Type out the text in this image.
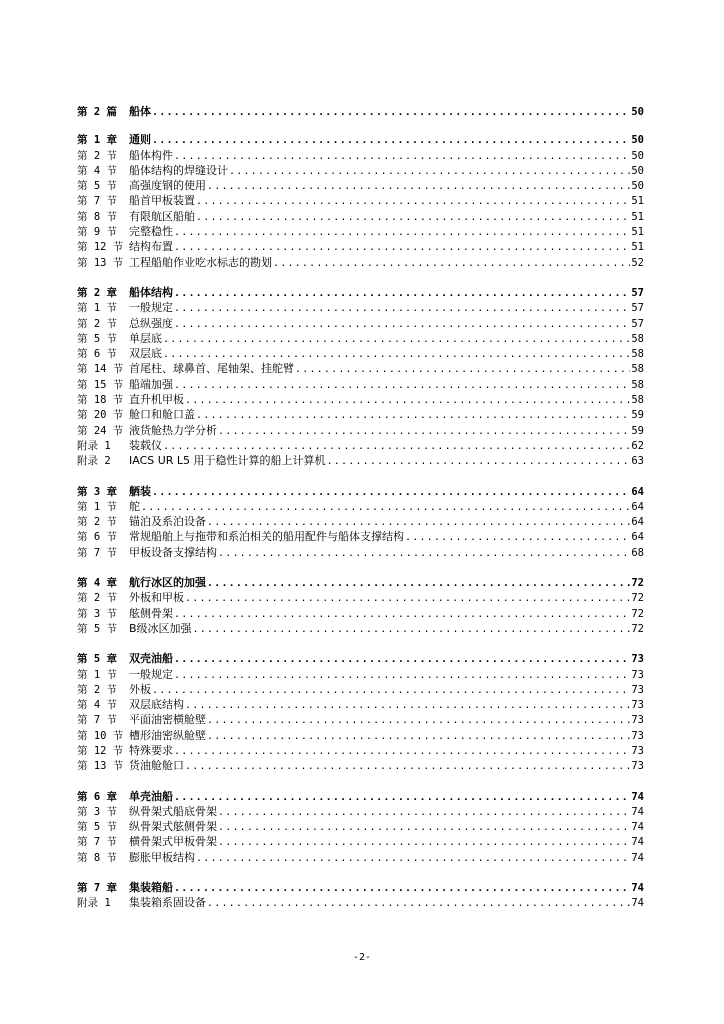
第 2 篇	船体 .....	50
第 1 章	通则 .....	50
第 2 节	船体构件 .....	50
第 4 节	船体结构的焊缝设计 .....	50
第 5 节	高强度钢的使用 .....	50
第 7 节	船首甲板装置 .....	51
第 8 节	有限航区船舶 .....	51
第 9 节	完整稳性 .....	51
第 12 节 结构布置 .....	51
第 13 节 工程船舶作业吃水标志的勘划 .....	52
第 2 章	船体结构 .....	57
第 1 节	一般规定 .....	57
第 2 节	总纵强度 .....	57
第 5 节	单层底 .....	58
第 6 节	双层底 .....	58
第 14 节 首尾柱、球鼻首、尾轴架、挂舵臂 .....	58
第 15 节 船端加强 .....	58
第 18 节 直升机甲板 .....	58
第 20 节 舱口和舱口盖 .....	59
第 24 节 液货舱热力学分析 .....	59
附录 1	装载仪 .....	62
附录 2	IACS UR L5 用于稳性计算的船上计算机 .....	63
第 3 章	舾装 .....	64
第 1 节	舵 .....	64
第 2 节	锚泊及系泊设备 .....	64
第 6 节	常规船舶上与拖带和系泊相关的船用配件与船体支撑结构 .....	64
第 7 节	甲板设备支撑结构 .....	68
第 4 章	航行冰区的加强 .....	72
第 2 节	外板和甲板 .....	72
第 3 节	舷侧骨架 .....	72
第 5 节	B级冰区加强 .....	72
第 5 章	双壳油船 .....	73
第 1 节	一般规定 .....	73
第 2 节	外板 .....	73
第 4 节	双层底结构 .....	73
第 7 节	平面油密横舱壁 .....	73
第 10 节 槽形油密纵舱壁 .....	73
第 12 节 特殊要求 .....	73
第 13 节 货油舱舱口 .....	73
第 6 章	单壳油船 .....	74
第 3 节	纵骨架式船底骨架 .....	74
第 5 节	纵骨架式舷侧骨架 .....	74
第 7 节	横骨架式甲板骨架 .....	74
第 8 节	膨胀甲板结构 .....	74
第 7 章	集装箱船 .....	74
附录 1	集装箱系固设备 .....	74
-2-
